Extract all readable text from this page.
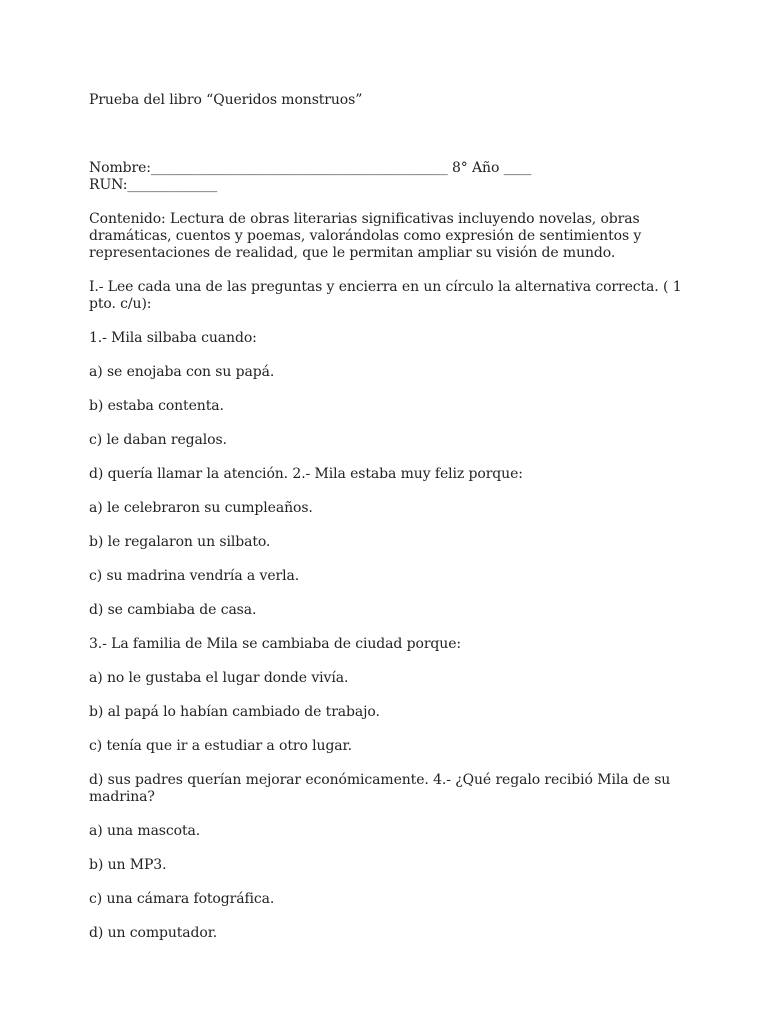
Prueba del libro “Queridos monstruos”

Nombre:___________________________________________ 8° Año ____
RUN:_____________

Contenido: Lectura de obras literarias significativas incluyendo novelas, obras dramáticas, cuentos y poemas, valorándolas como expresión de sentimientos y representaciones de realidad, que le permitan ampliar su visión de mundo.

I.- Lee cada una de las preguntas y encierra en un círculo la alternativa correcta. ( 1 pto. c/u):

1.- Mila silbaba cuando:

a) se enojaba con su papá.

b) estaba contenta.

c) le daban regalos.

d) quería llamar la atención. 2.- Mila estaba muy feliz porque:

a) le celebraron su cumpleaños.

b) le regalaron un silbato.

c) su madrina vendría a verla.

d) se cambiaba de casa.

3.- La familia de Mila se cambiaba de ciudad porque:

a) no le gustaba el lugar donde vivía.

b) al papá lo habían cambiado de trabajo.

c) tenía que ir a estudiar a otro lugar.

d) sus padres querían mejorar económicamente. 4.- ¿Qué regalo recibió Mila de su madrina?

a) una mascota.

b) un MP3.

c) una cámara fotográfica.

d) un computador.
